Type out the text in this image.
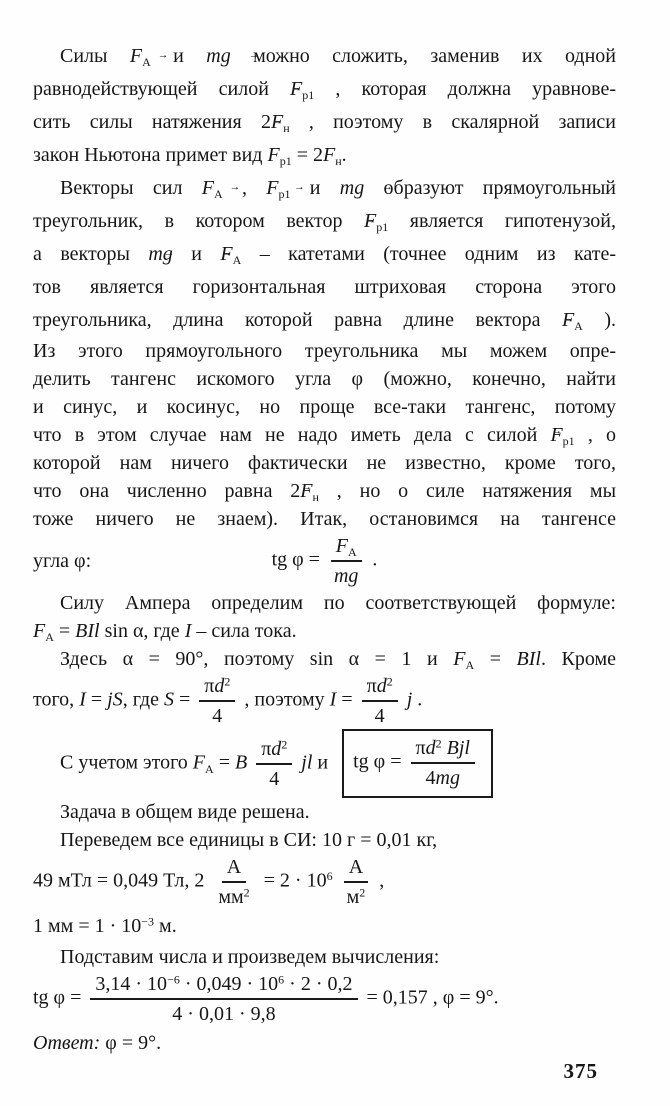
Силы $F \to_А$ и mg → можно сложить, заменив их одной
равнодействующей силой $F \to_{р1}$ , которая должна уравнове-
сить силы натяжения $2F \to_н$ , поэтому в скалярной записи
закон Ньютона примет вид $F_{р1} = 2F_н$.
Векторы сил $F \to_А$ , $F \to_{р1}$ и mg → образуют прямоугольный
треугольник, в котором вектор $F \to_{р1}$ является гипотенузой,
а векторы mg → и $F \to_А$ – катетами (точнее одним из кате-
тов является горизонтальная штриховая сторона этого
треугольника, длина которой равна длине вектора $F \to_А$ ).
Из этого прямоугольного треугольника мы можем опре-
делить тангенс искомого угла φ (можно, конечно, найти
и синус, и косинус, но проще все-таки тангенс, потому
что в этом случае нам не надо иметь дела с силой $F \to_{р1}$ , о
которой нам ничего фактически не известно, кроме того,
что она численно равна $2F \to_н$ , но о силе натяжения мы
тоже ничего не знаем). Итак, остановимся на тангенсе
угла φ:	tg $\varphi = \frac{F_А}{mg}$ .
Силу Ампера определим по соответствующей формуле:
$F_А$ = BIl sin α, где I – сила тока.
Здесь α = 90°, поэтому sin α = 1 и $F_А$ = BIl. Кроме
того, I = jS, где $S = \frac{\pi d^2}{4}$ , поэтому $I = \frac{\pi d^2}{4}$ j .
С учетом этого $F_А = B \frac{\pi d^2}{4}$ jl и	tg $\varphi = \frac{\pi d^2 Bjl}{4mg}$
Задача в общем виде решена.
Переведем все единицы в СИ: 10 г = 0,01 кг,
49 мТл = 0,049 Тл, $2 \frac{А}{мм^2} = 2 \cdot 10^6 \frac{А}{м^2}$ ,
1 мм = $1 \cdot 10^{-3}$ м.
Подставим числа и произведем вычисления:
tg $\varphi = \frac{3,14 \cdot 10^{-6} \cdot 0,049 \cdot 10^6 \cdot 2 \cdot 0,2}{4 \cdot 0,01 \cdot 9,8} = 0,157$ , φ = 9°.
Ответ: φ = 9°.
375
